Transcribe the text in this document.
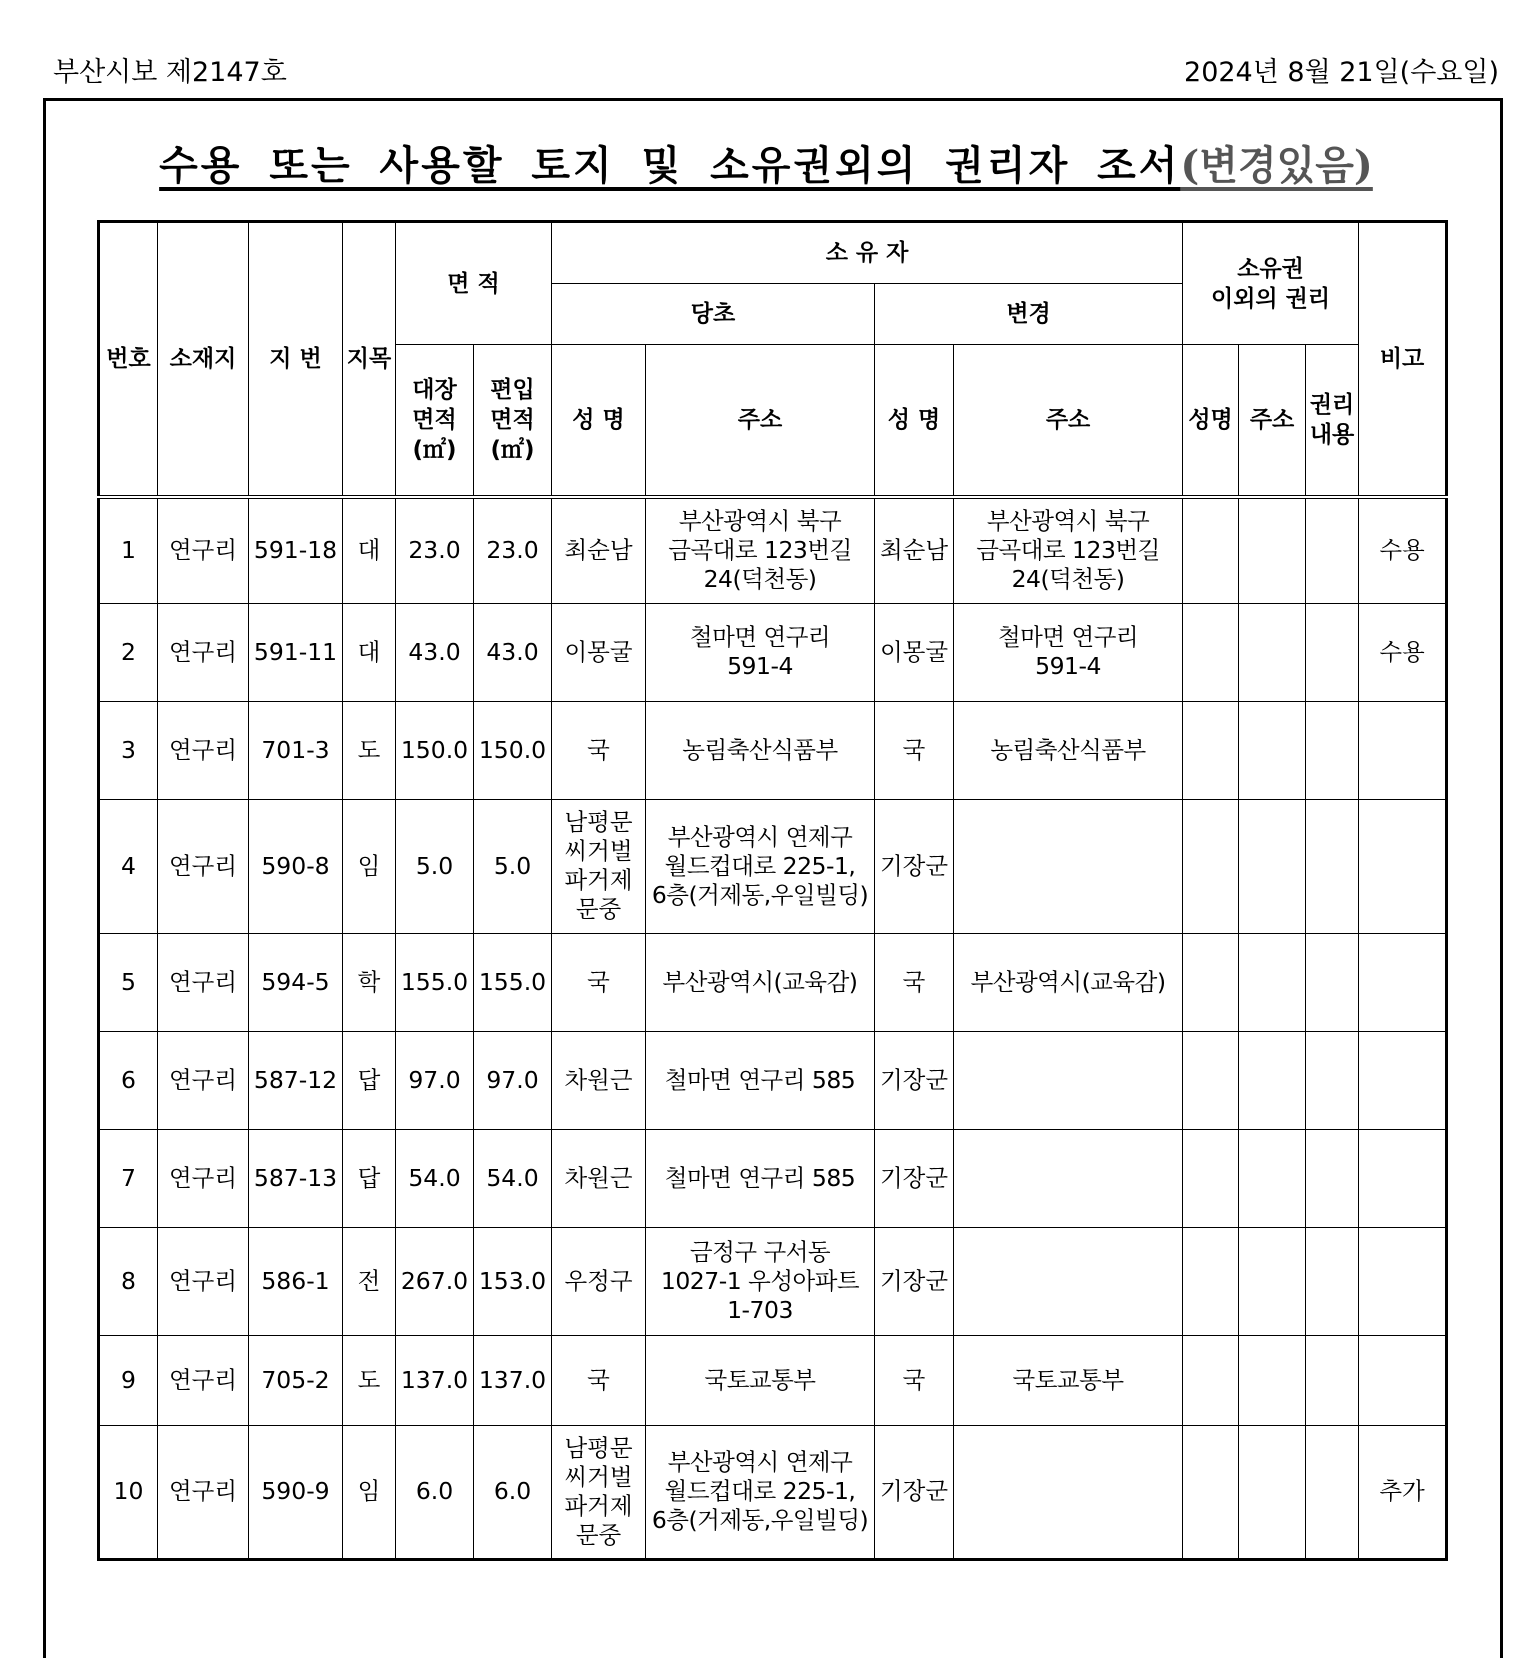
부산시보 제2147호	2024년 8월 21일(수요일)
수용 또는 사용할 토지 및 소유권외의 권리자 조서(변경있음)
번호	소재지	지 번	지목	면 적		소 유 자				소유권
이외의 권리			비고
						당초		변경					

				대장
면적
(㎡)	편입
면적
(㎡)	성 명	주소	성 명	주소	성명	주소	권리
내용	

1	연구리	591-18	대	23.0	23.0	최순남	부산광역시 북구
금곡대로 123번길
24(덕천동)	최순남	부산광역시 북구
금곡대로 123번길
24(덕천동)				수용

2	연구리	591-11	대	43.0	43.0	이몽굴	철마면 연구리
591-4	이몽굴	철마면 연구리
591-4				수용

3	연구리	701-3	도	150.0	150.0	국	농림축산식품부	국	농림축산식품부				

4	연구리	590-8	임	5.0	5.0	남평문
씨거벌
파거제
문중	부산광역시 연제구
월드컵대로 225-1,
6층(거제동,우일빌딩)	기장군					

5	연구리	594-5	학	155.0	155.0	국	부산광역시(교육감)	국	부산광역시(교육감)				

6	연구리	587-12	답	97.0	97.0	차원근	철마면 연구리 585	기장군					

7	연구리	587-13	답	54.0	54.0	차원근	철마면 연구리 585	기장군					

8	연구리	586-1	전	267.0	153.0	우정구	금정구 구서동
1027-1 우성아파트
1-703	기장군					

9	연구리	705-2	도	137.0	137.0	국	국토교통부	국	국토교통부				

10	연구리	590-9	임	6.0	6.0	남평문
씨거벌
파거제
문중	부산광역시 연제구
월드컵대로 225-1,
6층(거제동,우일빌딩)	기장군					추가
